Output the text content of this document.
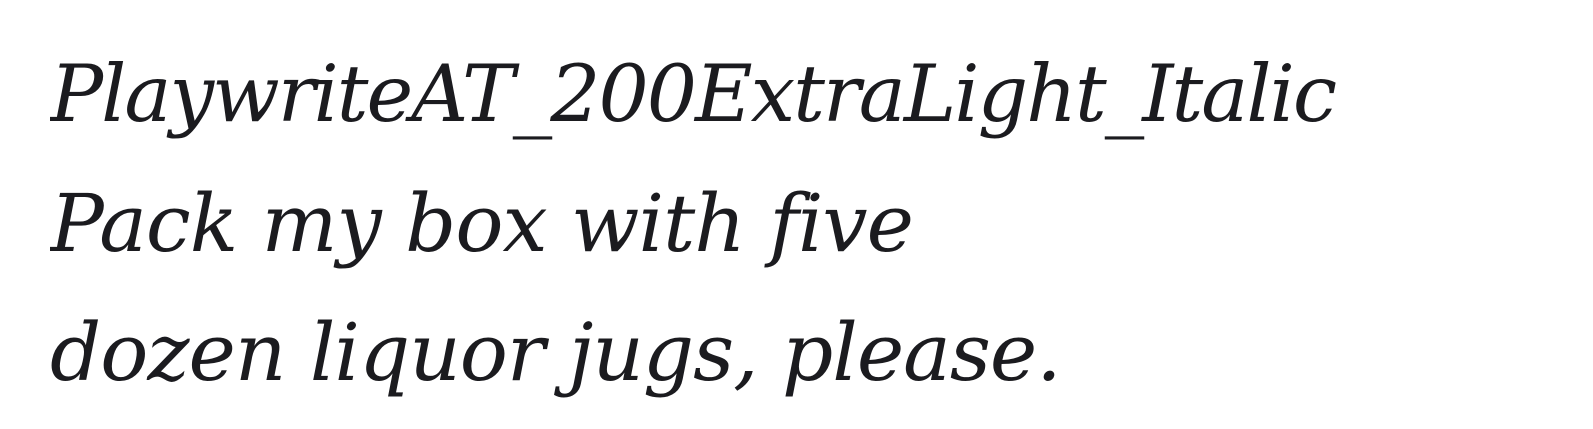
PlaywriteAT_200ExtraLight_Italic
Pack my box with five
dozen liquor jugs, please.
